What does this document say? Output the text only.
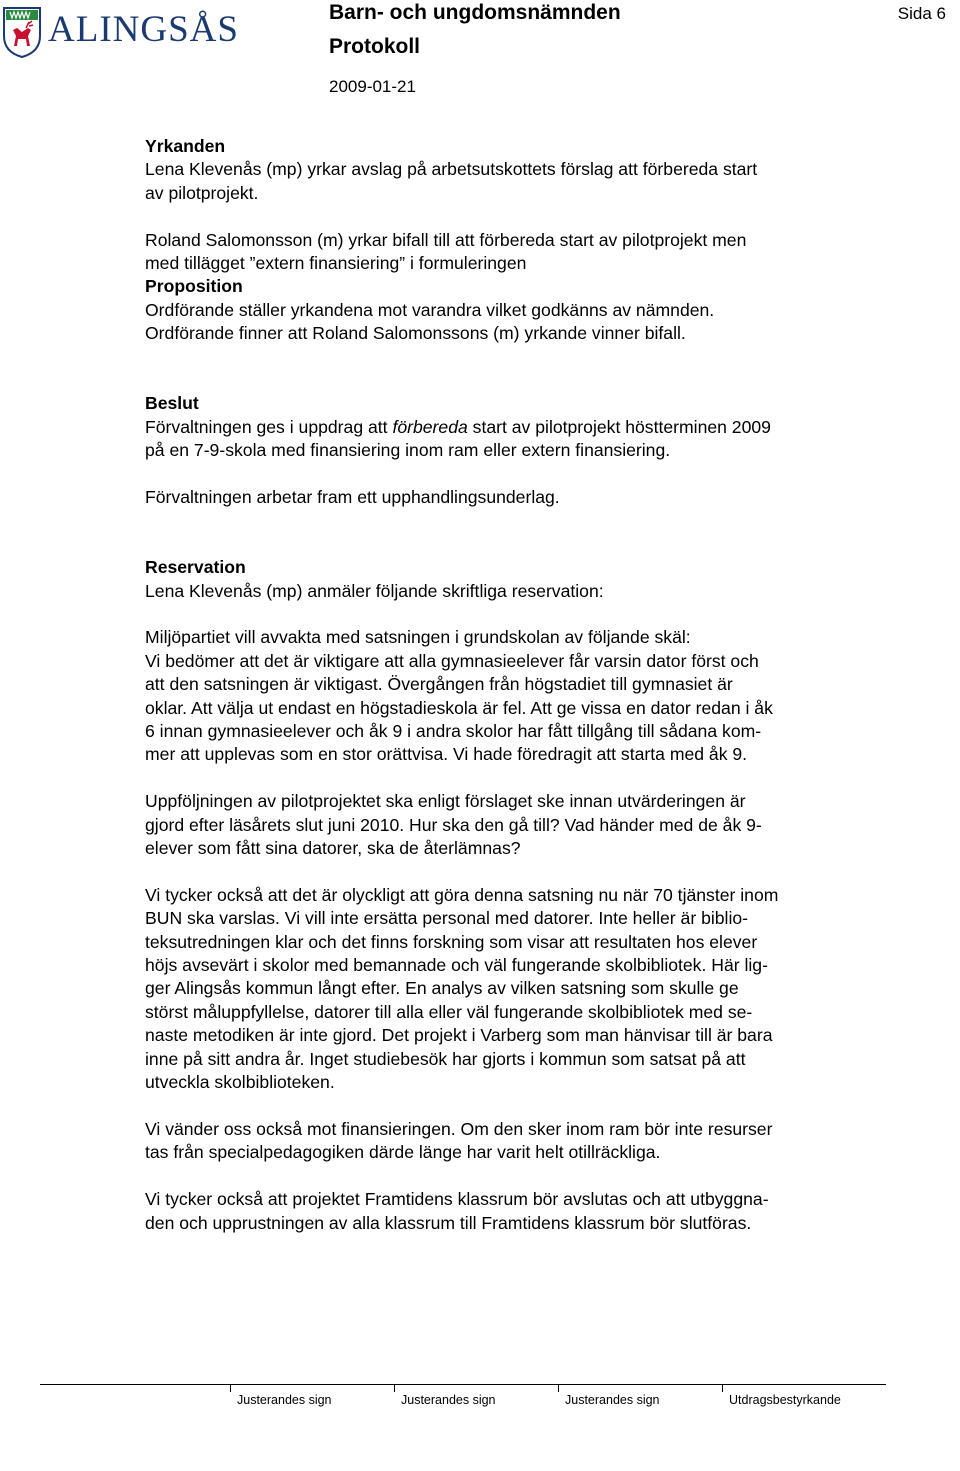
ALINGSÅS	Barn- och ungdomsnämnden
Protokoll
2009-01-21
Sida 6

Yrkanden

Lena Klevenås (mp) yrkar avslag på arbetsutskottets förslag att förbereda start

av pilotprojekt.

Roland Salomonsson (m) yrkar bifall till att förbereda start av pilotprojekt men

med tillägget ”extern finansiering” i formuleringen

Proposition

Ordförande ställer yrkandena mot varandra vilket godkänns av nämnden.

Ordförande finner att Roland Salomonssons (m) yrkande vinner bifall.

Beslut

Förvaltningen ges i uppdrag att förbereda start av pilotprojekt höstterminen 2009

på en 7-9-skola med finansiering inom ram eller extern finansiering.

Förvaltningen arbetar fram ett upphandlingsunderlag.

Reservation

Lena Klevenås (mp) anmäler följande skriftliga reservation:

Miljöpartiet vill avvakta med satsningen i grundskolan av följande skäl:

Vi bedömer att det är viktigare att alla gymnasieelever får varsin dator först och

att den satsningen är viktigast. Övergången från högstadiet till gymnasiet är

oklar. Att välja ut endast en högstadieskola är fel. Att ge vissa en dator redan i åk

6 innan gymnasieelever och åk 9 i andra skolor har fått tillgång till sådana kom-

mer att upplevas som en stor orättvisa. Vi hade föredragit att starta med åk 9.

Uppföljningen av pilotprojektet ska enligt förslaget ske innan utvärderingen är

gjord efter läsårets slut juni 2010. Hur ska den gå till? Vad händer med de åk 9-

elever som fått sina datorer, ska de återlämnas?

Vi tycker också att det är olyckligt att göra denna satsning nu när 70 tjänster inom

BUN ska varslas. Vi vill inte ersätta personal med datorer. Inte heller är biblio-

teksutredningen klar och det finns forskning som visar att resultaten hos elever

höjs avsevärt i skolor med bemannade och väl fungerande skolbibliotek. Här lig-

ger Alingsås kommun långt efter. En analys av vilken satsning som skulle ge

störst måluppfyllelse, datorer till alla eller väl fungerande skolbibliotek med se-

naste metodiken är inte gjord. Det projekt i Varberg som man hänvisar till är bara

inne på sitt andra år. Inget studiebesök har gjorts i kommun som satsat på att

utveckla skolbiblioteken.

Vi vänder oss också mot finansieringen. Om den sker inom ram bör inte resurser

tas från specialpedagogiken därde länge har varit helt otillräckliga.

Vi tycker också att projektet Framtidens klassrum bör avslutas och att utbyggna-

den och upprustningen av alla klassrum till Framtidens klassrum bör slutföras.

Justerandes sign	Justerandes sign	Justerandes sign	Utdragsbestyrkande
